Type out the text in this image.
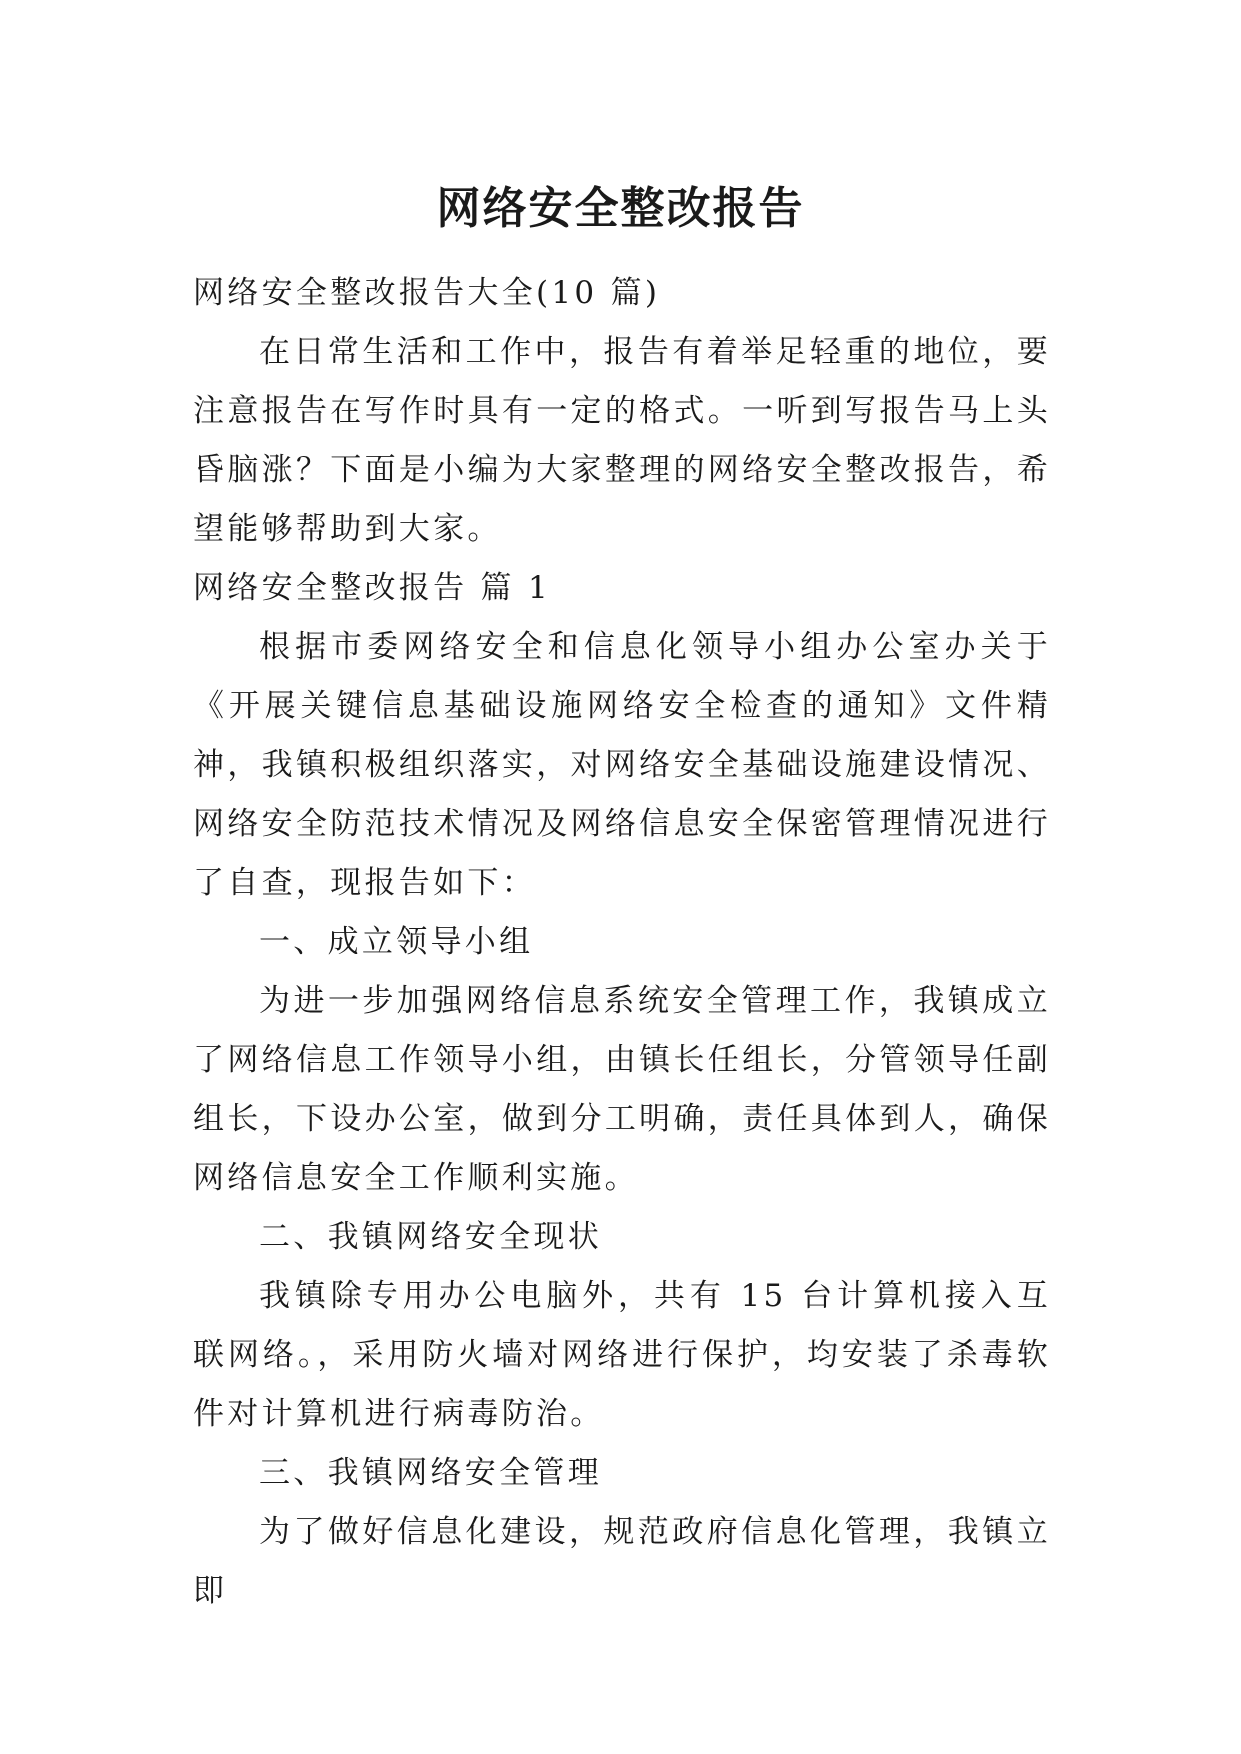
网络安全整改报告

网络安全整改报告大全(10 篇)

在日常生活和工作中，报告有着举足轻重的地位，要注意报告在写作时具有一定的格式。一听到写报告马上头昏脑涨？下面是小编为大家整理的网络安全整改报告，希望能够帮助到大家。

网络安全整改报告 篇 1

根据市委网络安全和信息化领导小组办公室办关于《开展关键信息基础设施网络安全检查的通知》文件精神，我镇积极组织落实，对网络安全基础设施建设情况、网络安全防范技术情况及网络信息安全保密管理情况进行了自查，现报告如下：

一、成立领导小组

为进一步加强网络信息系统安全管理工作，我镇成立了网络信息工作领导小组，由镇长任组长，分管领导任副组长，下设办公室，做到分工明确，责任具体到人，确保网络信息安全工作顺利实施。

二、我镇网络安全现状

我镇除专用办公电脑外，共有 15 台计算机接入互联网络。，采用防火墙对网络进行保护，均安装了杀毒软件对计算机进行病毒防治。

三、我镇网络安全管理

为了做好信息化建设，规范政府信息化管理，我镇立即
